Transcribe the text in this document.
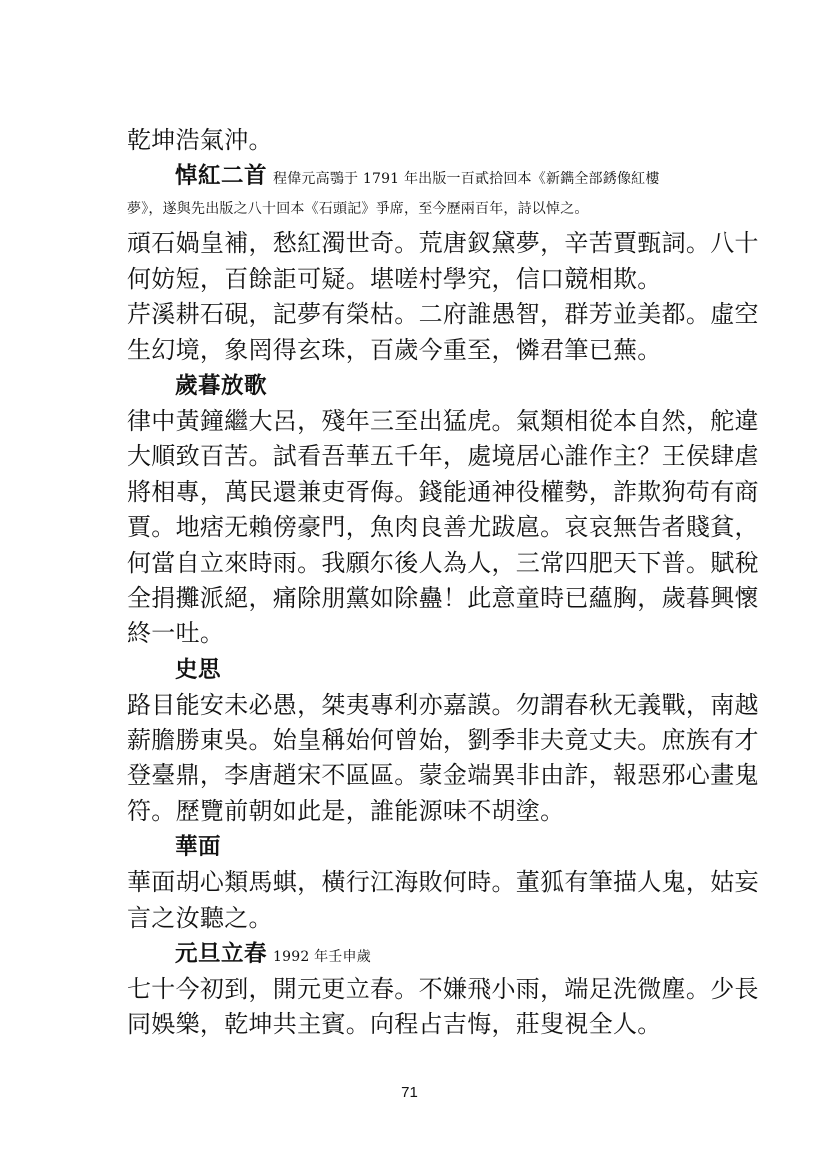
乾坤浩氣沖。
悼紅二首 程偉元高鶚于 1791 年出版一百貳拾回本《新鐫全部銹像紅樓
夢》，遂與先出版之八十回本《石頭記》爭席，至今歷兩百年，詩以悼之。
頑石媧皇補，愁紅濁世奇。荒唐釵黛夢，辛苦賈甄詞。八十
何妨短，百餘詎可疑。堪嗟村學究，信口競相欺。
芹溪耕石硯，記夢有榮枯。二府誰愚智，群芳並美都。虛空
生幻境，象罔得玄珠，百歲今重至，憐君筆已蕪。
歲暮放歌
律中黃鐘繼大呂，殘年三至出猛虎。氣類相從本自然，舵違
大順致百苦。試看吾華五千年，處境居心誰作主？王侯肆虐
將相專，萬民還兼吏胥侮。錢能通神役權勢，詐欺狗苟有商
賈。地痞无賴傍豪門，魚肉良善尤跋扈。哀哀無告者賤貧，
何當自立來時雨。我願尓後人為人，三常四肥天下普。賦稅
全捐攤派絕，痛除朋黨如除蠱！此意童時已蘊胸，歲暮興懷
終一吐。
史思
路目能安未必愚，桀夷專利亦嘉謨。勿謂春秋无義戰，南越
薪膽勝東吳。始皇稱始何曾始，劉季非夫竟丈夫。庶族有才
登臺鼎，李唐趙宋不區區。蒙金端異非由詐，報惡邪心畫鬼
符。歷覽前朝如此是，誰能源味不胡塗。
華面
華面胡心類馬蜞，橫行江海敗何時。董狐有筆描人鬼，姑妄
言之汝聽之。
元旦立春 1992 年壬申歲
七十今初到，開元更立春。不嫌飛小雨，端足洗微塵。少長
同娛樂，乾坤共主賓。向程占吉悔，莊叟視全人。
71
